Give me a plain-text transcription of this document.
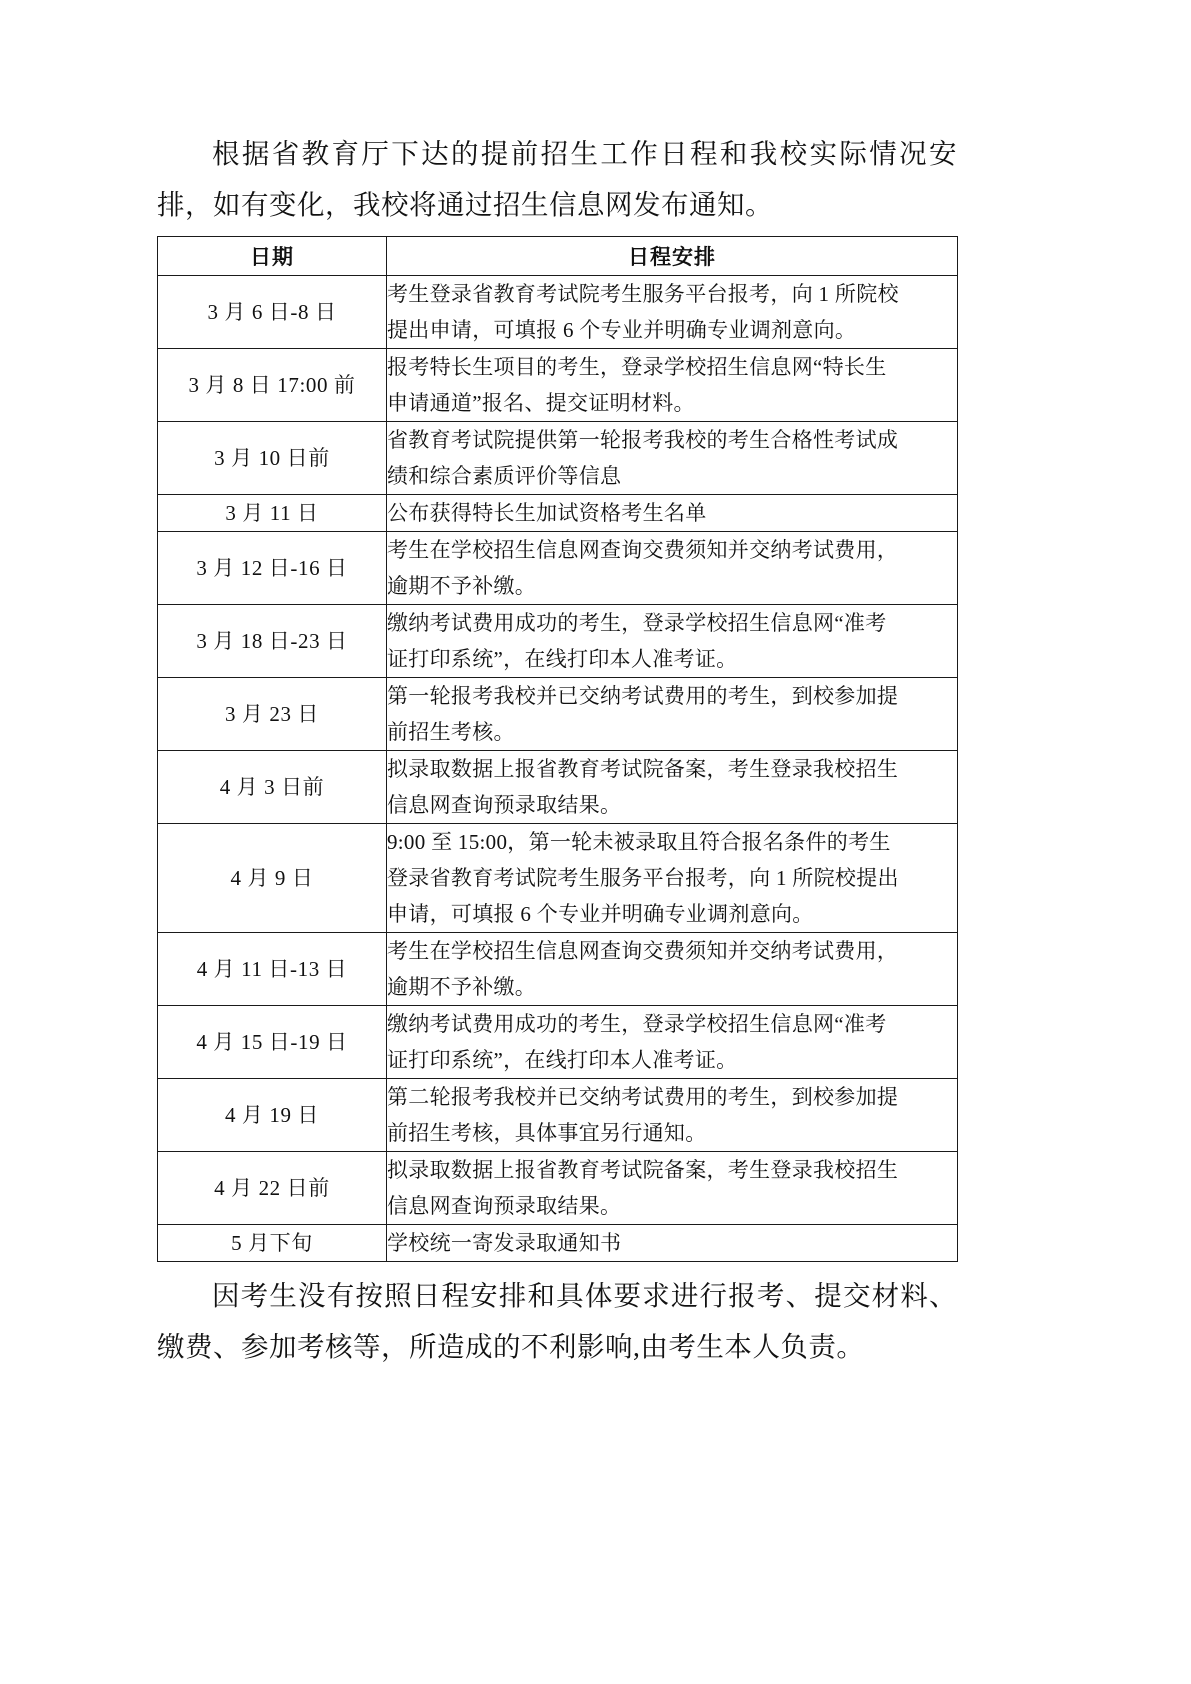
根据省教育厅下达的提前招生工作日程和我校实际情况安排，如有变化，我校将通过招生信息网发布通知。

日期	日程安排
3 月 6 日-8 日	考生登录省教育考试院考生服务平台报考，向 1 所院校
提出申请，可填报 6 个专业并明确专业调剂意向。

3 月 8 日 17:00 前	报考特长生项目的考生，登录学校招生信息网“特长生
申请通道”报名、提交证明材料。

3 月 10 日前	省教育考试院提供第一轮报考我校的考生合格性考试成
绩和综合素质评价等信息

3 月 11 日	公布获得特长生加试资格考生名单

3 月 12 日-16 日	考生在学校招生信息网查询交费须知并交纳考试费用，
逾期不予补缴。

3 月 18 日-23 日	缴纳考试费用成功的考生，登录学校招生信息网“准考
证打印系统”，在线打印本人准考证。

3 月 23 日	第一轮报考我校并已交纳考试费用的考生，到校参加提
前招生考核。

4 月 3 日前	拟录取数据上报省教育考试院备案，考生登录我校招生
信息网查询预录取结果。

4 月 9 日	9:00 至 15:00，第一轮未被录取且符合报名条件的考生
登录省教育考试院考生服务平台报考，向 1 所院校提出
申请，可填报 6 个专业并明确专业调剂意向。

4 月 11 日-13 日	考生在学校招生信息网查询交费须知并交纳考试费用，
逾期不予补缴。

4 月 15 日-19 日	缴纳考试费用成功的考生，登录学校招生信息网“准考
证打印系统”，在线打印本人准考证。

4 月 19 日	第二轮报考我校并已交纳考试费用的考生，到校参加提
前招生考核，具体事宜另行通知。

4 月 22 日前	拟录取数据上报省教育考试院备案，考生登录我校招生
信息网查询预录取结果。

5 月下旬	学校统一寄发录取通知书

因考生没有按照日程安排和具体要求进行报考、提交材料、缴费、参加考核等，所造成的不利影响,由考生本人负责。
